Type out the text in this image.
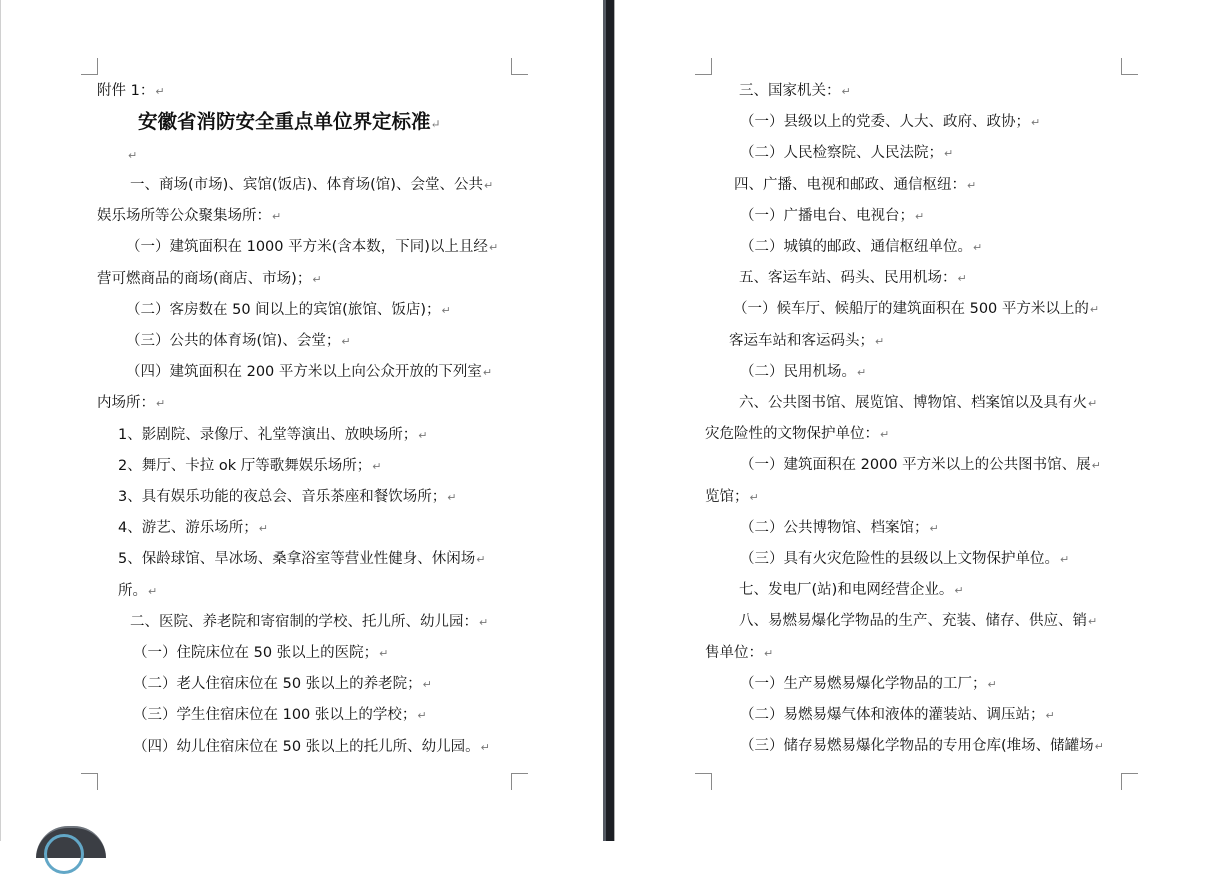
附件 1：↵
安徽省消防安全重点单位界定标准↵
↵
一、商场(市场)、宾馆(饭店)、体育场(馆)、会堂、公共↵
娱乐场所等公众聚集场所：↵
（一）建筑面积在 1000 平方米(含本数，下同)以上且经↵
营可燃商品的商场(商店、市场)；↵
（二）客房数在 50 间以上的宾馆(旅馆、饭店)；↵
（三）公共的体育场(馆)、会堂；↵
（四）建筑面积在 200 平方米以上向公众开放的下列室↵
内场所：↵
1、影剧院、录像厅、礼堂等演出、放映场所；↵
2、舞厅、卡拉 ok 厅等歌舞娱乐场所；↵
3、具有娱乐功能的夜总会、音乐茶座和餐饮场所；↵
4、游艺、游乐场所；↵
5、保龄球馆、旱冰场、桑拿浴室等营业性健身、休闲场↵
所。↵
二、医院、养老院和寄宿制的学校、托儿所、幼儿园：↵
（一）住院床位在 50 张以上的医院；↵
（二）老人住宿床位在 50 张以上的养老院；↵
（三）学生住宿床位在 100 张以上的学校；↵
（四）幼儿住宿床位在 50 张以上的托儿所、幼儿园。↵
三、国家机关：↵
（一）县级以上的党委、人大、政府、政协；↵
（二）人民检察院、人民法院；↵
四、广播、电视和邮政、通信枢纽：↵
（一）广播电台、电视台；↵
（二）城镇的邮政、通信枢纽单位。↵
五、客运车站、码头、民用机场：↵
（一）候车厅、候船厅的建筑面积在 500 平方米以上的↵
客运车站和客运码头；↵
（二）民用机场。↵
六、公共图书馆、展览馆、博物馆、档案馆以及具有火↵
灾危险性的文物保护单位：↵
（一）建筑面积在 2000 平方米以上的公共图书馆、展↵
览馆；↵
（二）公共博物馆、档案馆；↵
（三）具有火灾危险性的县级以上文物保护单位。↵
七、发电厂(站)和电网经营企业。↵
八、易燃易爆化学物品的生产、充装、储存、供应、销↵
售单位：↵
（一）生产易燃易爆化学物品的工厂；↵
（二）易燃易爆气体和液体的灌装站、调压站；↵
（三）储存易燃易爆化学物品的专用仓库(堆场、储罐场↵
